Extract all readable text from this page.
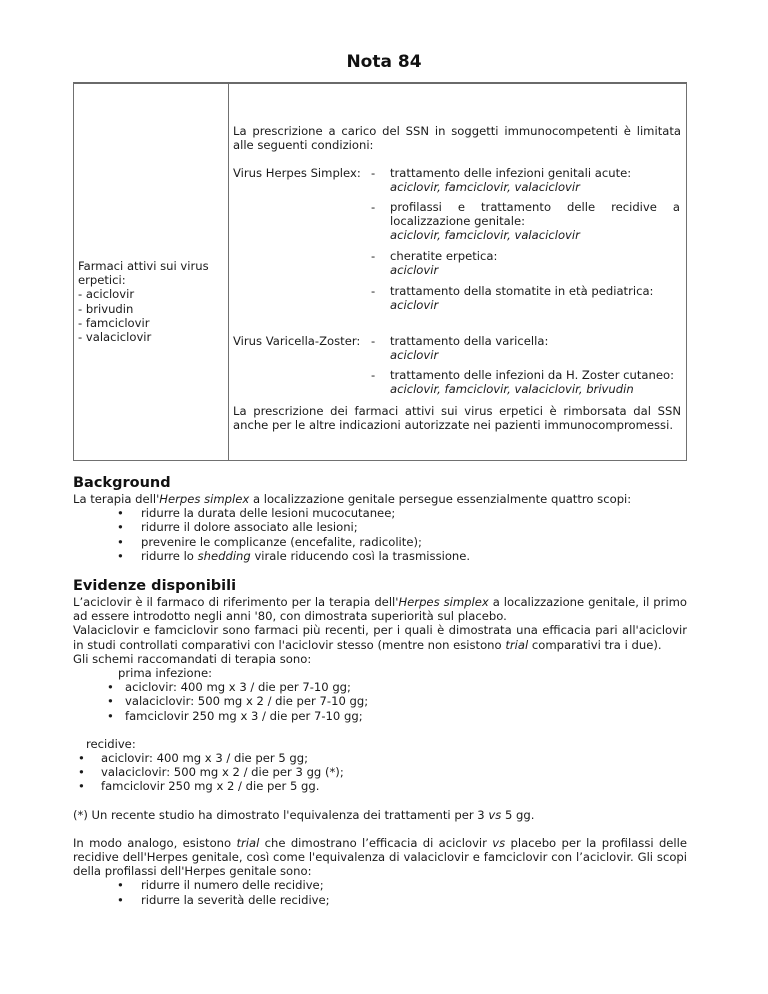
Nota 84
Farmaci attivi sui virus
erpetici:
- aciclovir
- brivudin
- famciclovir
- valaciclovir
La prescrizione a carico del SSN in soggetti immunocompetenti è limitata alle seguenti condizioni:
Virus Herpes Simplex: - trattamento delle infezioni genitali acute:
aciclovir, famciclovir, valaciclovir
- profilassi e trattamento delle recidive a localizzazione genitale:
aciclovir, famciclovir, valaciclovir
- cheratite erpetica:
aciclovir
- trattamento della stomatite in età pediatrica:
aciclovir
Virus Varicella-Zoster: - trattamento della varicella:
aciclovir
- trattamento delle infezioni da H. Zoster cutaneo:
aciclovir, famciclovir, valaciclovir, brivudin
La prescrizione dei farmaci attivi sui virus erpetici è rimborsata dal SSN anche per le altre indicazioni autorizzate nei pazienti immunocompromessi.
Background

La terapia dell'Herpes simplex a localizzazione genitale persegue essenzialmente quattro scopi:

• ridurre la durata delle lesioni mucocutanee;
• ridurre il dolore associato alle lesioni;
• prevenire le complicanze (encefalite, radicolite);
• ridurre lo shedding virale riducendo così la trasmissione.
Evidenze disponibili

L’aciclovir è il farmaco di riferimento per la terapia dell'Herpes simplex a localizzazione genitale, il primo ad essere introdotto negli anni '80, con dimostrata superiorità sul placebo.

Valaciclovir e famciclovir sono farmaci più recenti, per i quali è dimostrata una efficacia pari all'aciclovir in studi controllati comparativi con l'aciclovir stesso (mentre non esistono trial comparativi tra i due).

Gli schemi raccomandati di terapia sono:

prima infezione:
• aciclovir: 400 mg x 3 / die per 7-10 gg;
• valaciclovir: 500 mg x 2 / die per 7-10 gg;
• famciclovir 250 mg x 3 / die per 7-10 gg;
recidive:
• aciclovir: 400 mg x 3 / die per 5 gg;
• valaciclovir: 500 mg x 2 / die per 3 gg (*);
• famciclovir 250 mg x 2 / die per 5 gg.

(*) Un recente studio ha dimostrato l'equivalenza dei trattamenti per 3 vs 5 gg.

In modo analogo, esistono trial che dimostrano l’efficacia di aciclovir vs placebo per la profilassi delle recidive dell'Herpes genitale, così come l'equivalenza di valaciclovir e famciclovir con l’aciclovir. Gli scopi della profilassi dell'Herpes genitale sono:

• ridurre il numero delle recidive;
• ridurre la severità delle recidive;
